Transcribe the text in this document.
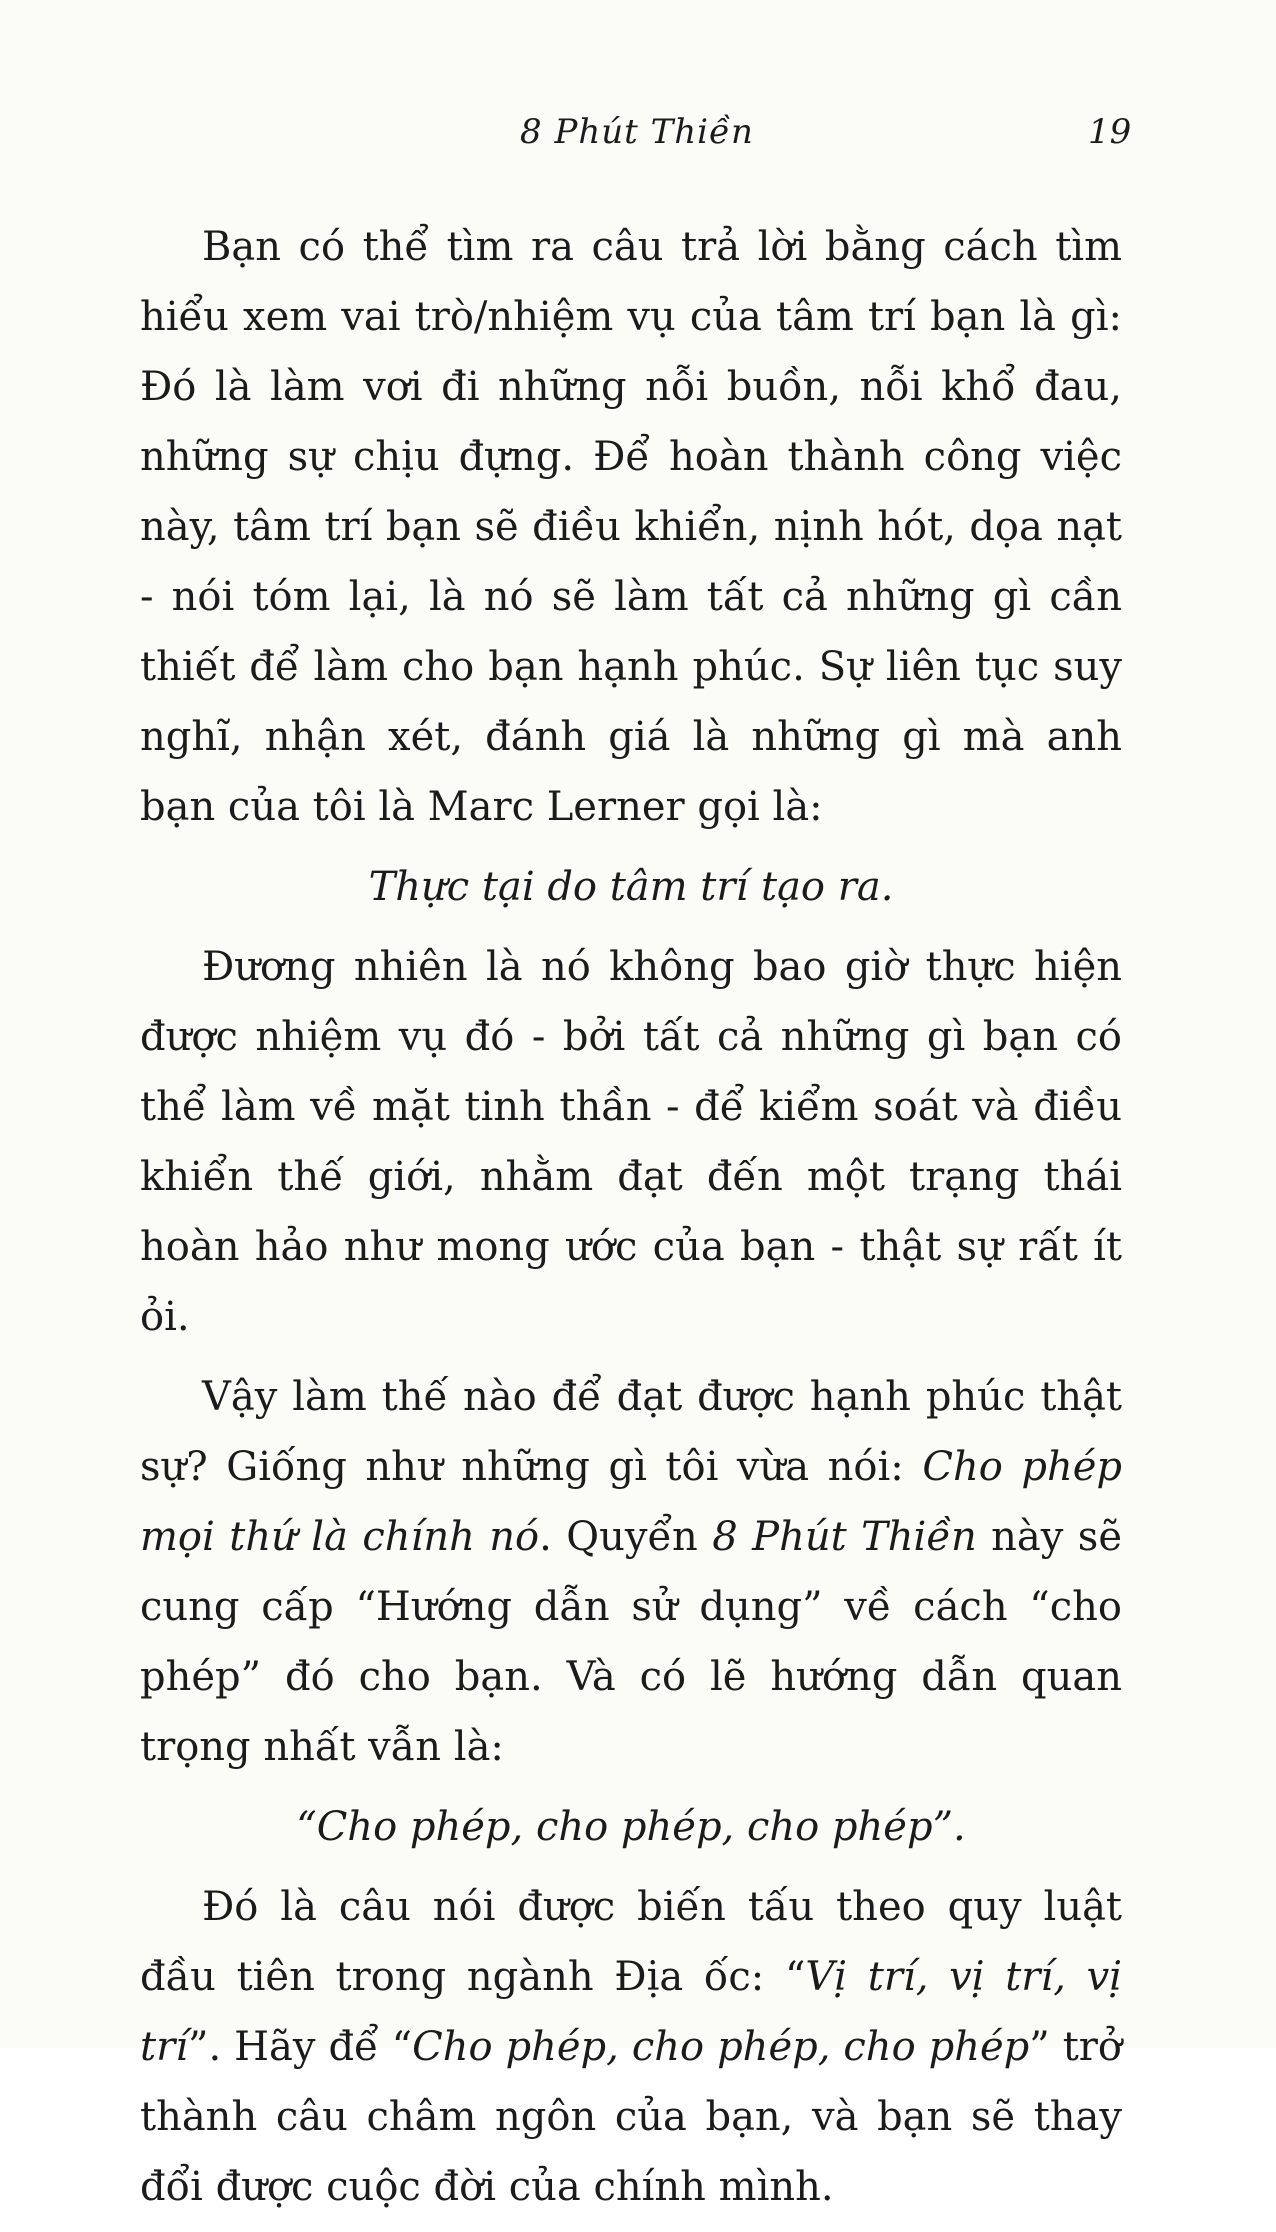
8 Phút Thiền	19

Bạn có thể tìm ra câu trả lời bằng cách tìm hiểu xem vai trò/nhiệm vụ của tâm trí bạn là gì: Đó là làm vơi đi những nỗi buồn, nỗi khổ đau, những sự chịu đựng. Để hoàn thành công việc này, tâm trí bạn sẽ điều khiển, nịnh hót, dọa nạt - nói tóm lại, là nó sẽ làm tất cả những gì cần thiết để làm cho bạn hạnh phúc. Sự liên tục suy nghĩ, nhận xét, đánh giá là những gì mà anh bạn của tôi là Marc Lerner gọi là:

Thực tại do tâm trí tạo ra.

Đương nhiên là nó không bao giờ thực hiện được nhiệm vụ đó - bởi tất cả những gì bạn có thể làm về mặt tinh thần - để kiểm soát và điều khiển thế giới, nhằm đạt đến một trạng thái hoàn hảo như mong ước của bạn - thật sự rất ít ỏi.

Vậy làm thế nào để đạt được hạnh phúc thật sự? Giống như những gì tôi vừa nói: Cho phép mọi thứ là chính nó. Quyển 8 Phút Thiền này sẽ cung cấp “Hướng dẫn sử dụng” về cách “cho phép” đó cho bạn. Và có lẽ hướng dẫn quan trọng nhất vẫn là:

“Cho phép, cho phép, cho phép”.

Đó là câu nói được biến tấu theo quy luật đầu tiên trong ngành Địa ốc: “Vị trí, vị trí, vị trí”. Hãy để “Cho phép, cho phép, cho phép” trở thành câu châm ngôn của bạn, và bạn sẽ thay đổi được cuộc đời của chính mình.
